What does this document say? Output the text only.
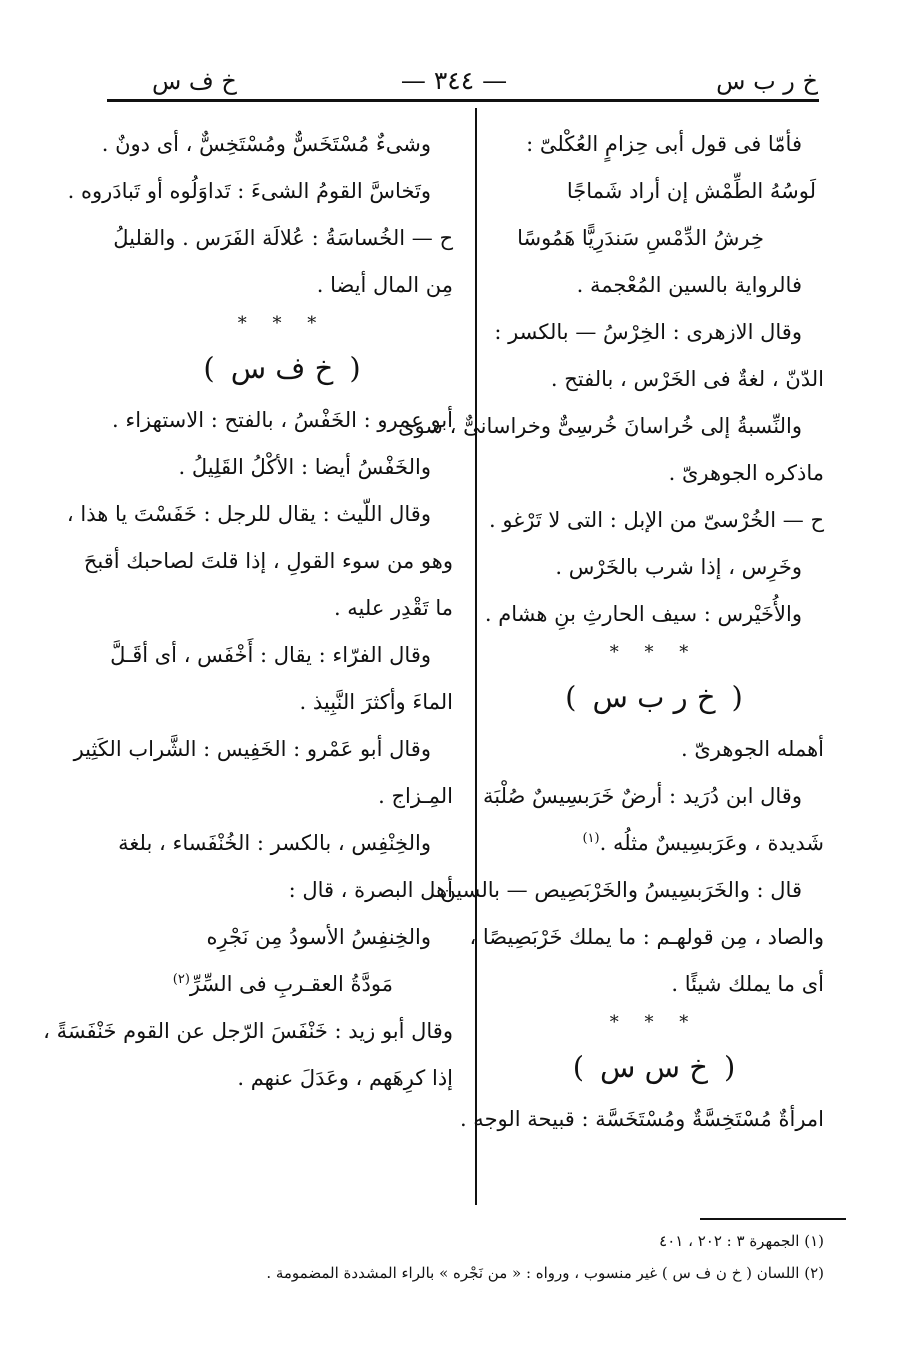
خ ر ب س
— ٣٤٤ —
خ ف س
فأمّا فى قول أبى حِزامٍ العُكْلىّ :
لَوسُهُ الطِّمْش إن أراد شَماجًا
خِرشُ الدِّمْسِ سَندَرِيًّا هَمُوسًا
فالرواية بالسين المُعْجمة .
وقال الازهرى : الخِرْسُ — بالكسر :
الدّنّ ، لغةٌ فى الخَرْس ، بالفتح .
والنِّسبةُ إلى خُراسانَ خُرسِىٌّ وخراسانىٌّ ، سوى
ماذكره الجوهرىّ .
ح — الخُرْسىّ من الإبل : التى لا تَرْغو .
وخَرِس ، إذا شرب بالخَرْس .
والأُخَيْرس : سيف الحارثِ بنِ هشام .
* * *
(خ ر ب س)
أهمله الجوهرىّ .
وقال ابن دُرَيد : أرضٌ خَرَبسِيسٌ صُلْبَة
شَديدة ، وعَرَبسِيسٌ مثلُه .$^{(١)}$
قال : والخَرَبسِيسُ والخَرْبَصِيص — بالسين
والصاد ، مِن قولهـم : ما يملك خَرْبَصِيصًا ،
أى ما يملك شيئًا .
* * *
(خ س س)
امرأةٌ مُسْتَخِسَّةٌ ومُسْتَخَسَّة : قبيحة الوجه .
وشىءٌ مُسْتَخَسٌّ ومُسْتَخِسٌّ ، أى دونٌ .
وتَخاسَّ القومُ الشىءَ : تَداوَلُوه أو تَبادَروه .
ح — الخُساسَةُ : عُلالَة الفَرَس . والقليلُ
مِن المال أيضا .
* * *
(خ ف س)
أبو عمرو : الخَفْسُ ، بالفتح : الاستهزاء .
والخَفْسُ أيضا : الأكْلُ القَلِيلُ .
وقال اللّيث : يقال للرجل : خَفَسْتَ يا هذا ،
وهو من سوء القولِ ، إذا قلتَ لصاحبك أقبحَ
ما تَقْدِر عليه .
وقال الفرّاء : يقال : أَخْفَس ، أى أقَـلَّ
الماءَ وأكثرَ النَّبِيذ .
وقال أبو عَمْرو : الخَفِيس : الشَّراب الكَثِير
المِـزاج .
والخِنْفِس ، بالكسر : الخُنْفَساء ، بلغة
أهل البصرة ، قال :
والخِنفِسُ الأسودُ مِن نَجْرِه
مَودَّةُ العقـربِ فى السِّرِّ$^{(٢)}$
وقال أبو زيد : خَنْفَسَ الرّجل عن القوم خَنْفَسَةً ،
إذا كرِهَهم ، وعَدَلَ عنهم .
(١) الجمهرة ٣ : ٢٠٢ ، ٤٠١
(٢) اللسان ( خ ن ف س ) غير منسوب ، ورواه : « من نَجْره » بالراء المشددة المضمومة .
